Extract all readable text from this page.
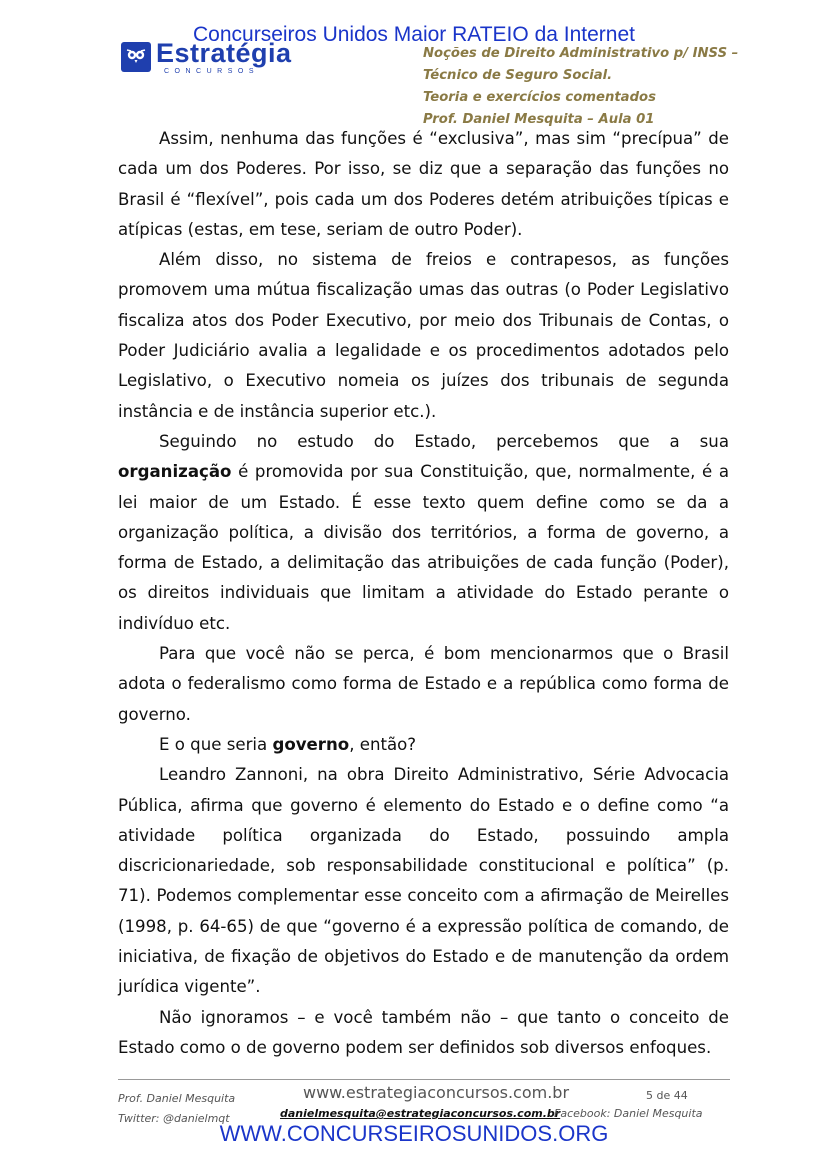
Concurseiros Unidos Maior RATEIO da Internet
Estratégia
CONCURSOS
Noções de Direito Administrativo p/ INSS –
Técnico de Seguro Social.
Teoria e exercícios comentados
Prof. Daniel Mesquita – Aula 01

Assim, nenhuma das funções é “exclusiva”, mas sim “precípua” de cada um dos Poderes. Por isso, se diz que a separação das funções no Brasil é “flexível”, pois cada um dos Poderes detém atribuições típicas e atípicas (estas, em tese, seriam de outro Poder).

Além disso, no sistema de freios e contrapesos, as funções promovem uma mútua fiscalização umas das outras (o Poder Legislativo fiscaliza atos dos Poder Executivo, por meio dos Tribunais de Contas, o Poder Judiciário avalia a legalidade e os procedimentos adotados pelo Legislativo, o Executivo nomeia os juízes dos tribunais de segunda instância e de instância superior etc.).

Seguindo no estudo do Estado, percebemos que a sua organização é promovida por sua Constituição, que, normalmente, é a lei maior de um Estado. É esse texto quem define como se da a organização política, a divisão dos territórios, a forma de governo, a forma de Estado, a delimitação das atribuições de cada função (Poder), os direitos individuais que limitam a atividade do Estado perante o indivíduo etc.

Para que você não se perca, é bom mencionarmos que o Brasil adota o federalismo como forma de Estado e a república como forma de governo.

E o que seria governo, então?

Leandro Zannoni, na obra Direito Administrativo, Série Advocacia Pública, afirma que governo é elemento do Estado e o define como “a atividade política organizada do Estado, possuindo ampla discricionariedade, sob responsabilidade constitucional e política” (p. 71). Podemos complementar esse conceito com a afirmação de Meirelles (1998, p. 64-65) de que “governo é a expressão política de comando, de iniciativa, de fixação de objetivos do Estado e de manutenção da ordem jurídica vigente”.

Não ignoramos – e você também não – que tanto o conceito de Estado como o de governo podem ser definidos sob diversos enfoques.

Prof. Daniel Mesquita
Twitter: @danielmqt
www.estrategiaconcursos.com.br	5 de 44
danielmesquita@estrategiaconcursos.com.br
Facebook: Daniel Mesquita
WWW.CONCURSEIROSUNIDOS.ORG
